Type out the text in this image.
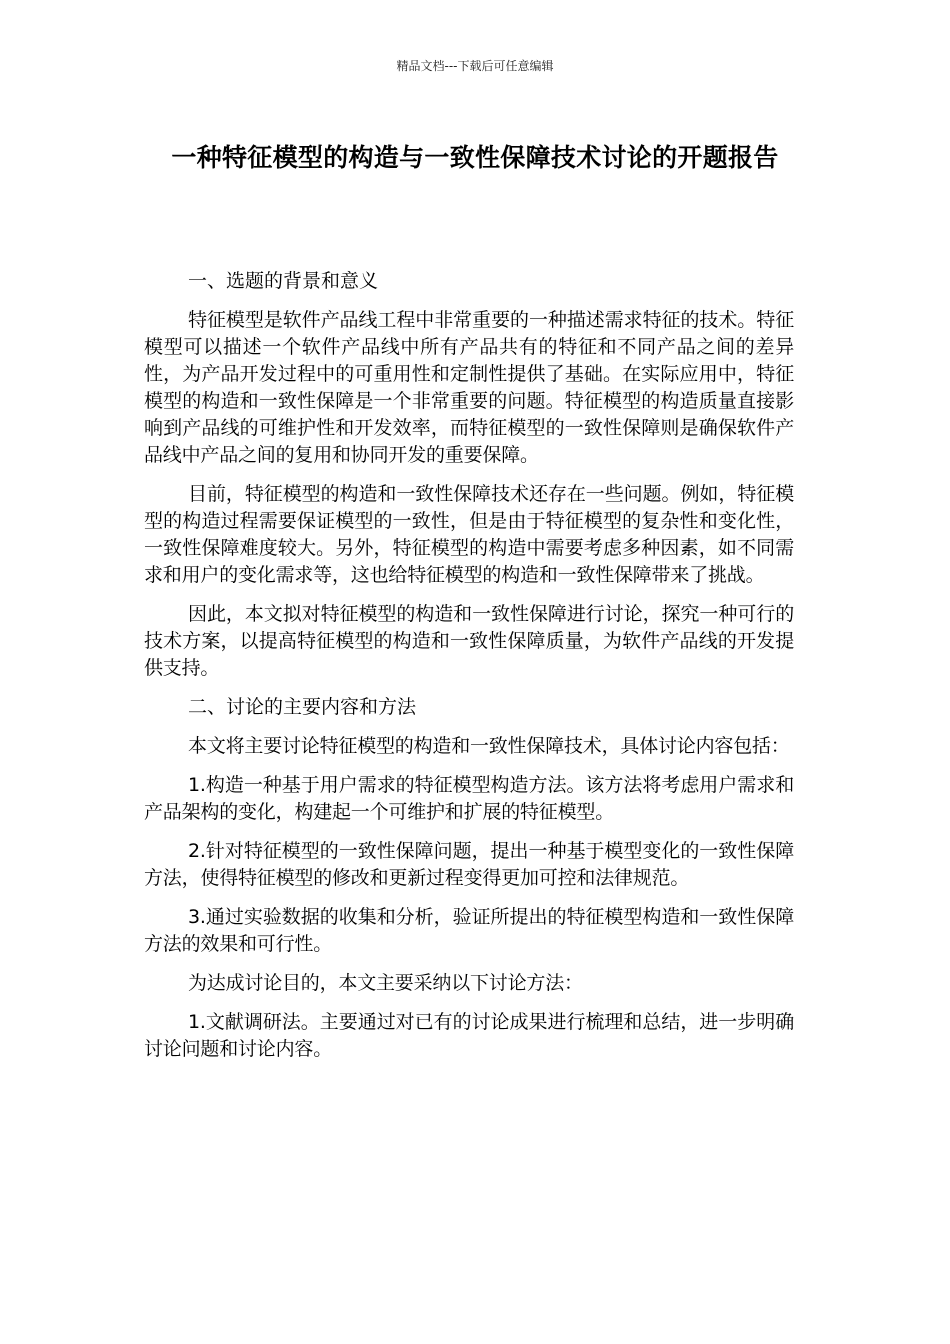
精品文档---下载后可任意编辑
一种特征模型的构造与一致性保障技术讨论的开题报告

一、选题的背景和意义

特征模型是软件产品线工程中非常重要的一种描述需求特征的技术。特征模型可以描述一个软件产品线中所有产品共有的特征和不同产品之间的差异性，为产品开发过程中的可重用性和定制性提供了基础。在实际应用中，特征模型的构造和一致性保障是一个非常重要的问题。特征模型的构造质量直接影响到产品线的可维护性和开发效率，而特征模型的一致性保障则是确保软件产品线中产品之间的复用和协同开发的重要保障。

目前，特征模型的构造和一致性保障技术还存在一些问题。例如，特征模型的构造过程需要保证模型的一致性，但是由于特征模型的复杂性和变化性，一致性保障难度较大。另外，特征模型的构造中需要考虑多种因素，如不同需求和用户的变化需求等，这也给特征模型的构造和一致性保障带来了挑战。

因此，本文拟对特征模型的构造和一致性保障进行讨论，探究一种可行的技术方案，以提高特征模型的构造和一致性保障质量，为软件产品线的开发提供支持。

二、讨论的主要内容和方法

本文将主要讨论特征模型的构造和一致性保障技术，具体讨论内容包括：

1.构造一种基于用户需求的特征模型构造方法。该方法将考虑用户需求和产品架构的变化，构建起一个可维护和扩展的特征模型。

2.针对特征模型的一致性保障问题，提出一种基于模型变化的一致性保障方法，使得特征模型的修改和更新过程变得更加可控和法律规范。

3.通过实验数据的收集和分析，验证所提出的特征模型构造和一致性保障方法的效果和可行性。

为达成讨论目的，本文主要采纳以下讨论方法：

1.文献调研法。主要通过对已有的讨论成果进行梳理和总结，进一步明确讨论问题和讨论内容。
